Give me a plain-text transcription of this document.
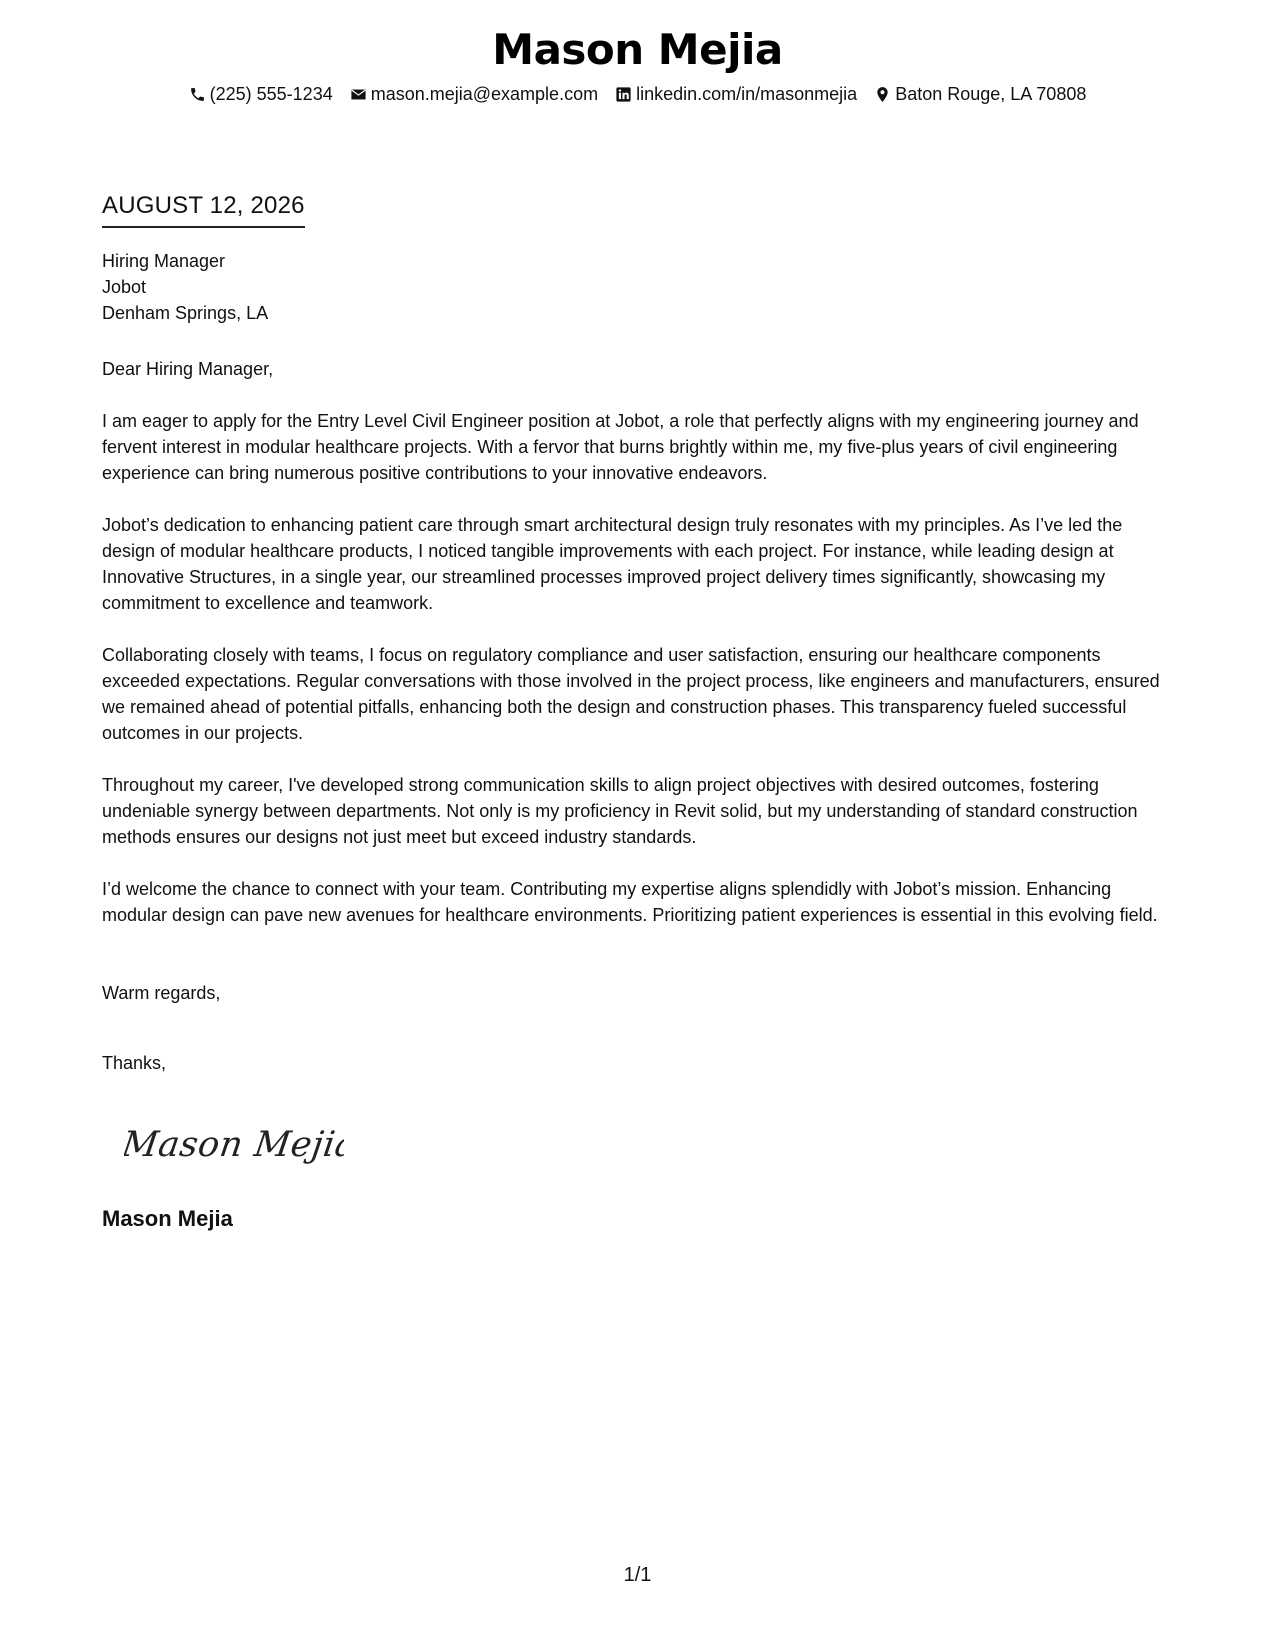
Mason Mejia
(225) 555-1234 mason.mejia@example.com linkedin.com/in/masonmejia Baton Rouge, LA 70808
AUGUST 12, 2026
Hiring Manager
Jobot
Denham Springs, LA
Dear Hiring Manager,
I am eager to apply for the Entry Level Civil Engineer position at Jobot, a role that perfectly aligns with my engineering journey and fervent interest in modular healthcare projects. With a fervor that burns brightly within me, my five-plus years of civil engineering experience can bring numerous positive contributions to your innovative endeavors.
Jobot’s dedication to enhancing patient care through smart architectural design truly resonates with my principles. As I’ve led the design of modular healthcare products, I noticed tangible improvements with each project. For instance, while leading design at Innovative Structures, in a single year, our streamlined processes improved project delivery times significantly, showcasing my commitment to excellence and teamwork.
Collaborating closely with teams, I focus on regulatory compliance and user satisfaction, ensuring our healthcare components exceeded expectations. Regular conversations with those involved in the project process, like engineers and manufacturers, ensured we remained ahead of potential pitfalls, enhancing both the design and construction phases. This transparency fueled successful outcomes in our projects.
Throughout my career, I've developed strong communication skills to align project objectives with desired outcomes, fostering undeniable synergy between departments. Not only is my proficiency in Revit solid, but my understanding of standard construction methods ensures our designs not just meet but exceed industry standards.
I’d welcome the chance to connect with your team. Contributing my expertise aligns splendidly with Jobot’s mission. Enhancing modular design can pave new avenues for healthcare environments. Prioritizing patient experiences is essential in this evolving field.
Warm regards,
Thanks,
Mason Mejia
Mason Mejia
1/1
